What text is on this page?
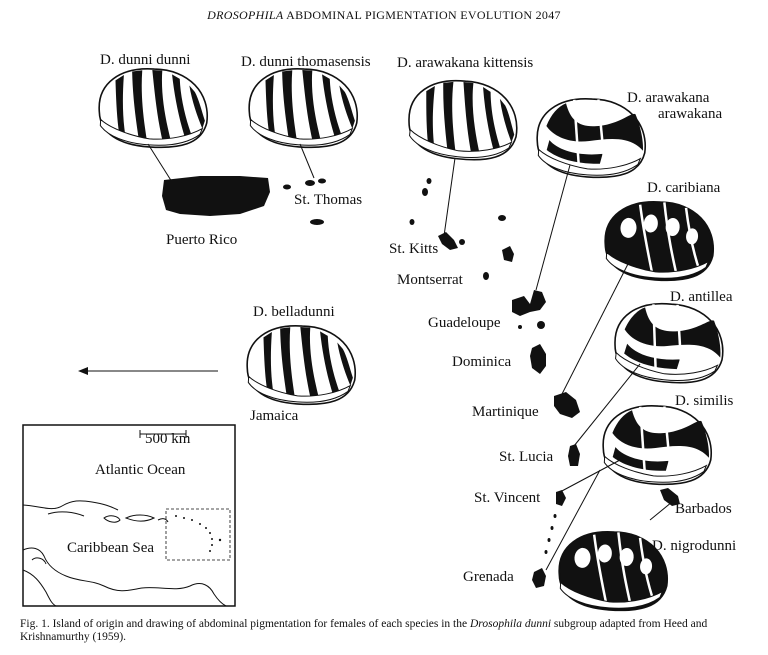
DROSOPHILA ABDOMINAL PIGMENTATION EVOLUTION 2047
D. dunni dunni	D. dunni thomasensis D. arawakana kittensis
D. arawakana
arawakana
D. caribiana
D. belladunni
D. antillea
D. similis
D. nigrodunni
Puerto Rico
St. Thomas
St. Kitts
Montserrat
Guadeloupe
Dominica
Martinique
St. Lucia
St. Vincent
Barbados
Grenada
Jamaica
500 km
Atlantic Ocean
Caribbean Sea
Fig. 1. Island of origin and drawing of abdominal pigmentation for females of each species in the Drosophila dunni subgroup adapted from Heed and Krishnamurthy (1959).
